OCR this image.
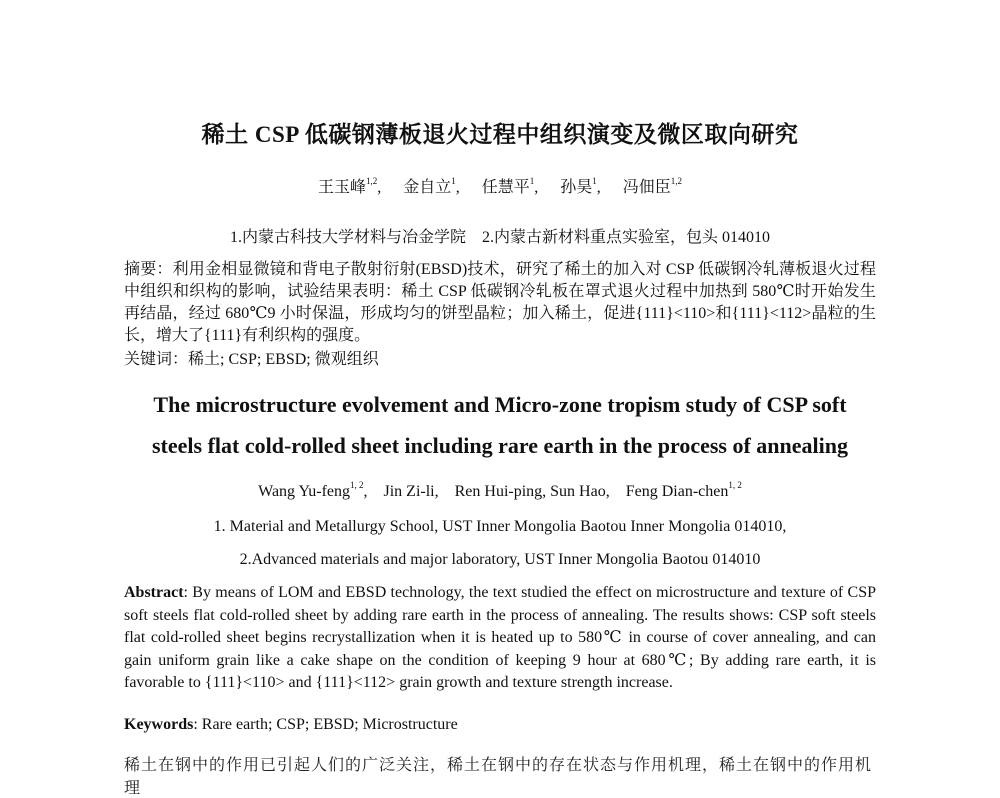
稀土 CSP 低碳钢薄板退火过程中组织演变及微区取向研究
王玉峰$^{1,2}$, 金自立$^1$, 任慧平$^1$, 孙昊$^1$, 冯佃臣$^{1,2}$
1.内蒙古科技大学材料与冶金学院　2.内蒙古新材料重点实验室，包头 014010
摘要：利用金相显微镜和背电子散射衍射(EBSD)技术，研究了稀土的加入对 CSP 低碳钢冷轧薄板退火过程中组织和织构的影响，试验结果表明：稀土 CSP 低碳钢冷轧板在罩式退火过程中加热到 580℃时开始发生再结晶，经过 680℃9 小时保温，形成均匀的饼型晶粒；加入稀土，促进{111}<110>和{111}<112>晶粒的生长，增大了{111}有利织构的强度。
关键词：稀土; CSP; EBSD; 微观组织
The microstructure evolvement and Micro-zone tropism study of CSP soft
steels flat cold-rolled sheet including rare earth in the process of annealing
Wang Yu-feng$^{1, 2}$, Jin Zi-li, Ren Hui-ping, Sun Hao, Feng Dian-chen$^{1, 2}$
1. Material and Metallurgy School, UST Inner Mongolia Baotou Inner Mongolia 014010,
2.Advanced materials and major laboratory, UST Inner Mongolia Baotou 014010
Abstract: By means of LOM and EBSD technology, the text studied the effect on microstructure and texture of CSP soft steels flat cold-rolled sheet by adding rare earth in the process of annealing. The results shows: CSP soft steels flat cold-rolled sheet begins recrystallization when it is heated up to 580℃ in course of cover annealing, and can gain uniform grain like a cake shape on the condition of keeping 9 hour at 680℃; By adding rare earth, it is favorable to {111}<110> and {111}<112> grain growth and texture strength increase.
Keywords: Rare earth; CSP; EBSD; Microstructure
稀土在钢中的作用已引起人们的广泛关注，稀土在钢中的存在状态与作用机理，稀土在钢中的作用机理
